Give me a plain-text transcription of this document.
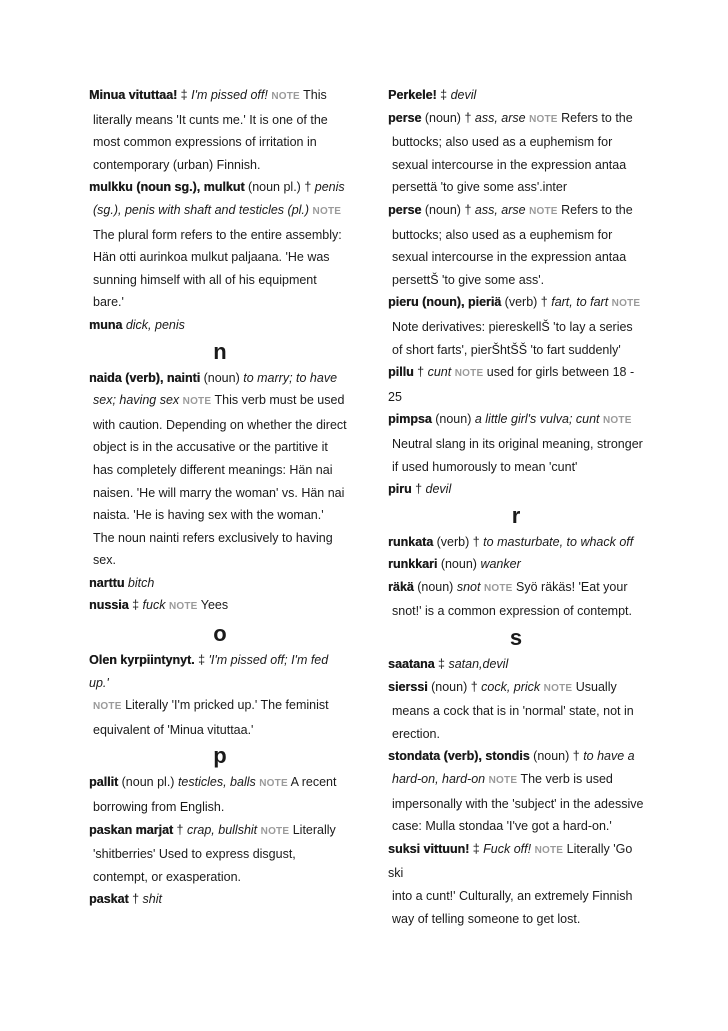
Minua vituttaa! ‡ I'm pissed off! NOTE This
literally means 'It cunts me.' It is one of the
most common expressions of irritation in
contemporary (urban) Finnish.
mulkku (noun sg.), mulkut (noun pl.) † penis
(sg.), penis with shaft and testicles (pl.) NOTE
The plural form refers to the entire assembly:
Hän otti aurinkoa mulkut paljaana. 'He was
sunning himself with all of his equipment
bare.'
muna dick, penis
n
naida (verb), nainti (noun) to marry; to have
sex; having sex NOTE This verb must be used
with caution. Depending on whether the direct
object is in the accusative or the partitive it
has completely different meanings: Hän nai
naisen. 'He will marry the woman' vs. Hän nai
naista. 'He is having sex with the woman.'
The noun nainti refers exclusively to having
sex.
narttu bitch
nussia ‡ fuck NOTE Yees
o
Olen kyrpiintynyt. ‡ 'I'm pissed off; I'm fed up.'
NOTE Literally 'I'm pricked up.' The feminist
equivalent of 'Minua vituttaa.'
p
pallit (noun pl.) testicles, balls NOTE A recent
borrowing from English.
paskan marjat † crap, bullshit NOTE Literally
'shitberries' Used to express disgust,
contempt, or exasperation.
paskat † shit
Perkele! ‡ devil
perse (noun) † ass, arse NOTE Refers to the
buttocks; also used as a euphemism for
sexual intercourse in the expression antaa
persettä 'to give some ass'.inter
perse (noun) † ass, arse NOTE Refers to the
buttocks; also used as a euphemism for
sexual intercourse in the expression antaa
persettŠ 'to give some ass'.
pieru (noun), pieriä (verb) † fart, to fart NOTE
Note derivatives: piereskellŠ 'to lay a series
of short farts', pierŠhtŠŠ 'to fart suddenly'
pillu † cunt NOTE used for girls between 18 - 25
pimpsa (noun) a little girl's vulva; cunt NOTE
Neutral slang in its original meaning, stronger
if used humorously to mean 'cunt'
piru † devil
r
runkata (verb) † to masturbate, to whack off
runkkari (noun) wanker
räkä (noun) snot NOTE Syö räkäs! 'Eat your
snot!' is a common expression of contempt.
s
saatana ‡ satan,devil
sierssi (noun) † cock, prick NOTE Usually
means a cock that is in 'normal' state, not in
erection.
stondata (verb), stondis (noun) † to have a
hard-on, hard-on NOTE The verb is used
impersonally with the 'subject' in the adessive
case: Mulla stondaa 'I've got a hard-on.'
suksi vittuun! ‡ Fuck off! NOTE Literally 'Go ski
into a cunt!' Culturally, an extremely Finnish
way of telling someone to get lost.
